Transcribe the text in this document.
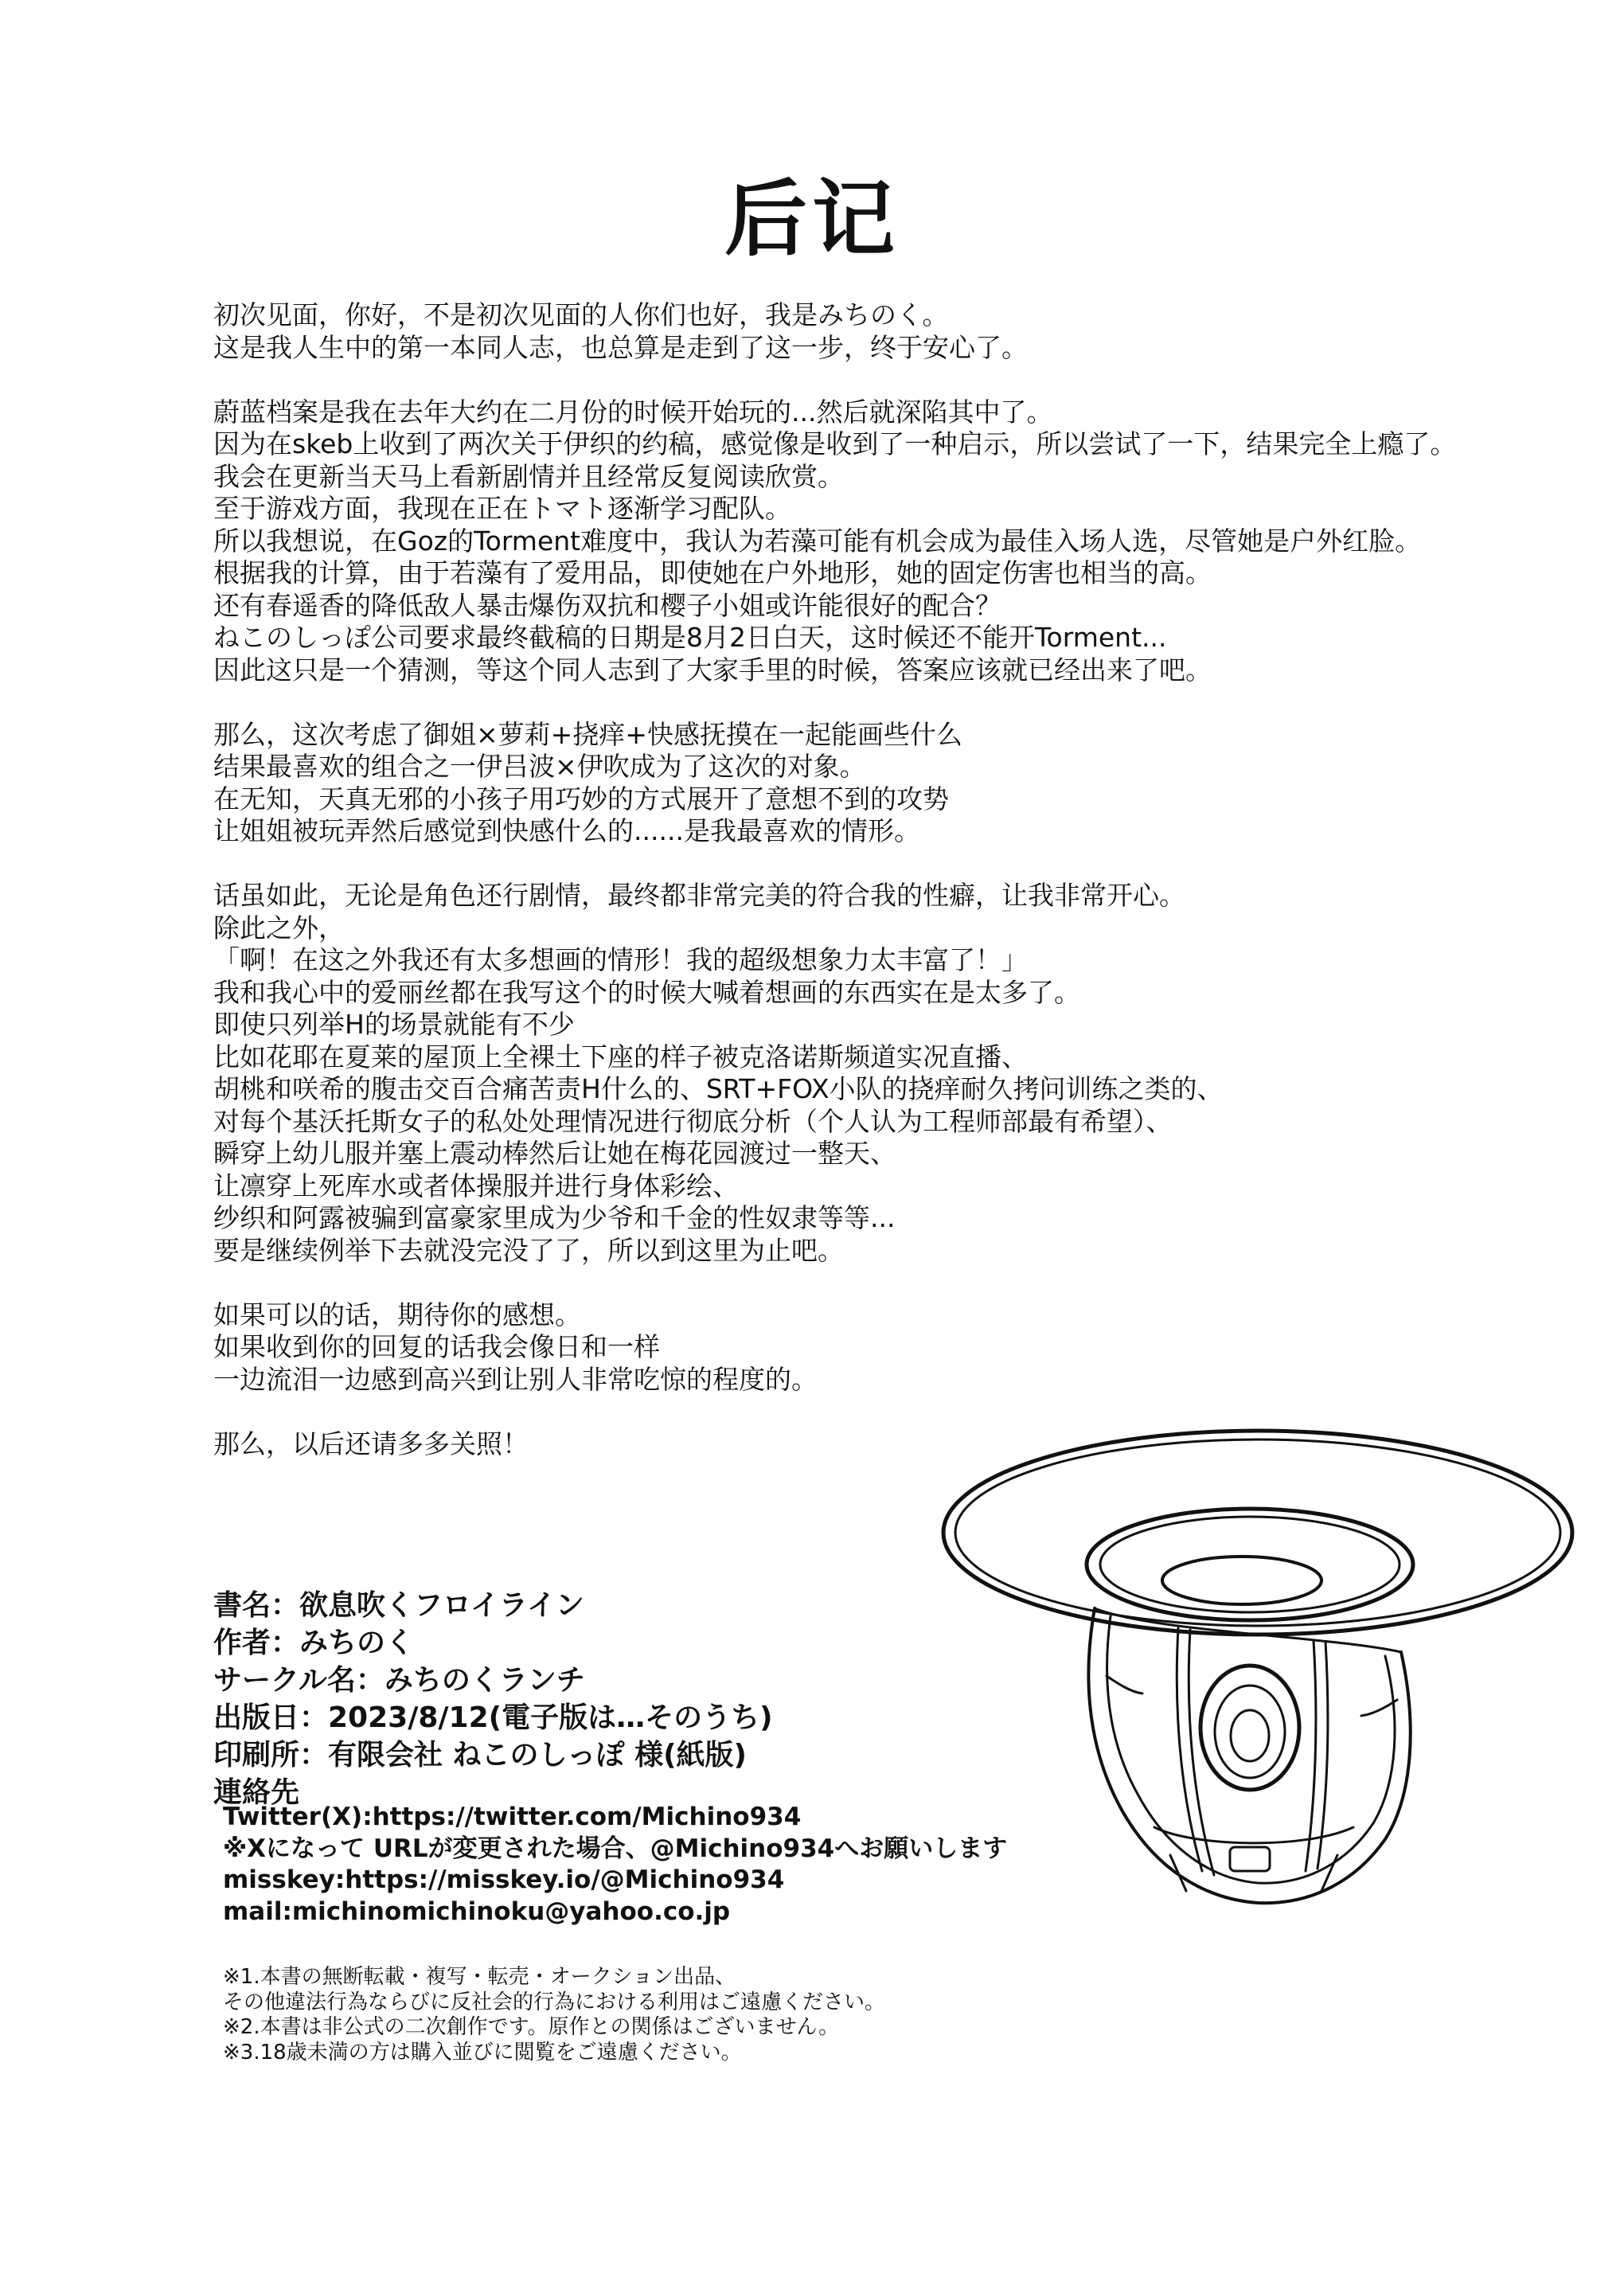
后记
初次见面，你好，不是初次见面的人你们也好，我是みちのく。
这是我人生中的第一本同人志，也总算是走到了这一步，终于安心了。
蔚蓝档案是我在去年大约在二月份的时候开始玩的...然后就深陷其中了。
因为在skeb上收到了两次关于伊织的约稿，感觉像是收到了一种启示，所以尝试了一下，结果完全上瘾了。
我会在更新当天马上看新剧情并且经常反复阅读欣赏。
至于游戏方面，我现在正在トマト逐渐学习配队。
所以我想说，在Goz的Torment难度中，我认为若藻可能有机会成为最佳入场人选，尽管她是户外红脸。
根据我的计算，由于若藻有了爱用品，即使她在户外地形，她的固定伤害也相当的高。
还有春遥香的降低敌人暴击爆伤双抗和樱子小姐或许能很好的配合？
ねこのしっぽ公司要求最终截稿的日期是8月2日白天，这时候还不能开Torment...
因此这只是一个猜测，等这个同人志到了大家手里的时候，答案应该就已经出来了吧。
那么，这次考虑了御姐×萝莉+挠痒+快感抚摸在一起能画些什么
结果最喜欢的组合之一伊吕波×伊吹成为了这次的对象。
在无知，天真无邪的小孩子用巧妙的方式展开了意想不到的攻势
让姐姐被玩弄然后感觉到快感什么的......是我最喜欢的情形。
话虽如此，无论是角色还行剧情，最终都非常完美的符合我的性癖，让我非常开心。
除此之外，
「啊！在这之外我还有太多想画的情形！我的超级想象力太丰富了！」
我和我心中的爱丽丝都在我写这个的时候大喊着想画的东西实在是太多了。
即使只列举H的场景就能有不少
比如花耶在夏莱的屋顶上全裸土下座的样子被克洛诺斯频道实况直播、
胡桃和咲希的腹击交百合痛苦责H什么的、SRT+FOX小队的挠痒耐久拷问训练之类的、
对每个基沃托斯女子的私处处理情况进行彻底分析（个人认为工程师部最有希望）、
瞬穿上幼儿服并塞上震动棒然后让她在梅花园渡过一整天、
让凛穿上死库水或者体操服并进行身体彩绘、
纱织和阿露被骗到富豪家里成为少爷和千金的性奴隶等等...
要是继续例举下去就没完没了了，所以到这里为止吧。
如果可以的话，期待你的感想。
如果收到你的回复的话我会像日和一样
一边流泪一边感到高兴到让别人非常吃惊的程度的。
那么，以后还请多多关照！
書名：欲息吹くフロイライン
作者：みちのく
サークル名：みちのくランチ
出版日：2023/8/12(電子版は…そのうち)
印刷所：有限会社 ねこのしっぽ 様(紙版)
連絡先
Twitter(X):https://twitter.com/Michino934
※Xになって URLが変更された場合、@Michino934へお願いします
misskey:https://misskey.io/@Michino934
mail:michinomichinoku@yahoo.co.jp
※1.本書の無断転載・複写・転売・オークション出品、
その他違法行為ならびに反社会的行為における利用はご遠慮ください。
※2.本書は非公式の二次創作です。原作との関係はございません。
※3.18歳未満の方は購入並びに閲覧をご遠慮ください。
